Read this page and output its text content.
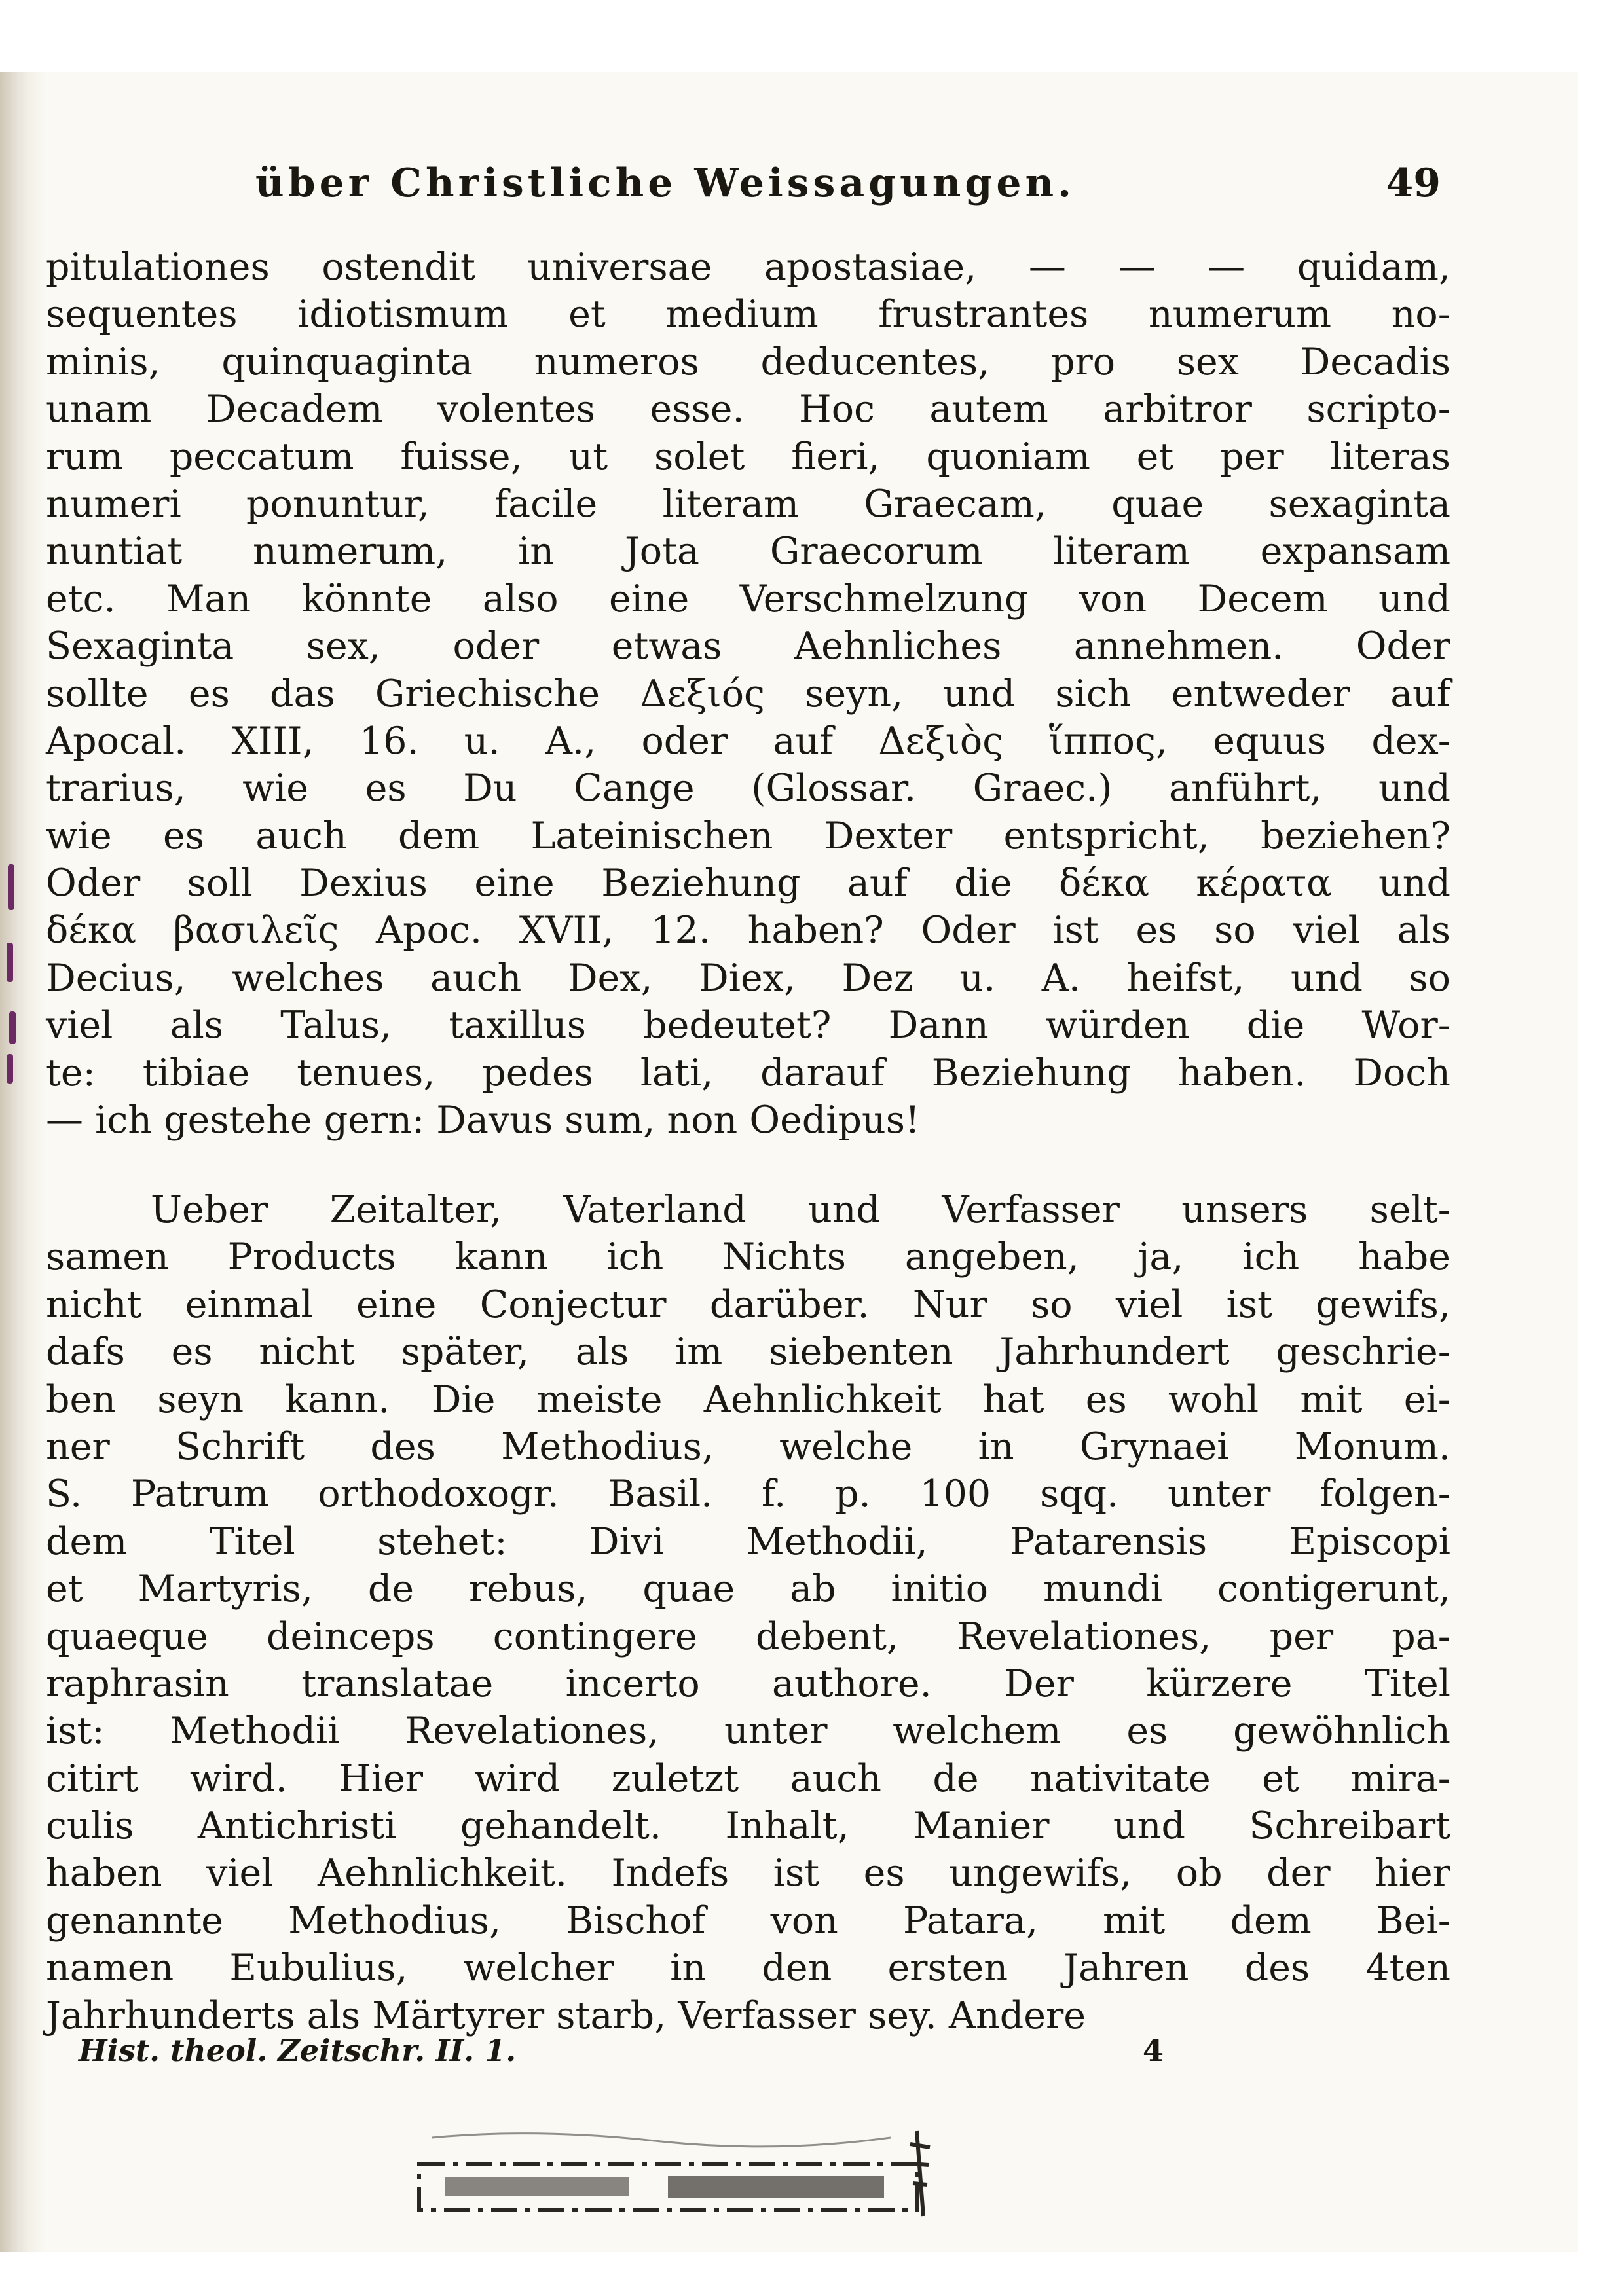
über Christliche Weissagungen.	49
pitulationes ostendit universae apostasiae, — — — quidam,
sequentes idiotismum et medium frustrantes numerum no-
minis, quinquaginta numeros deducentes, pro sex Decadis
unam Decadem volentes esse. Hoc autem arbitror scripto-
rum peccatum fuisse, ut solet fieri, quoniam et per literas
numeri ponuntur, facile literam Graecam, quae sexaginta
nuntiat numerum, in Jota Graecorum literam expansam
etc. Man könnte also eine Verschmelzung von Decem und
Sexaginta sex, oder etwas Aehnliches annehmen. Oder
sollte es das Griechische Δεξιός seyn, und sich entweder auf
Apocal. XIII, 16. u. A., oder auf Δεξιὸς ἵππος, equus dex-
trarius, wie es Du Cange (Glossar. Graec.) anführt, und
wie es auch dem Lateinischen Dexter entspricht, beziehen?
Oder soll Dexius eine Beziehung auf die δέκα κέρατα und
δέκα βασιλεῖς Apoc. XVII, 12. haben? Oder ist es so viel als
Decius, welches auch Dex, Diex, Dez u. A. heifst, und so
viel als Talus, taxillus bedeutet? Dann würden die Wor-
te: tibiae tenues, pedes lati, darauf Beziehung haben. Doch
— ich gestehe gern: Davus sum, non Oedipus!
Ueber Zeitalter, Vaterland und Verfasser unsers selt-
samen Products kann ich Nichts angeben, ja, ich habe
nicht einmal eine Conjectur darüber. Nur so viel ist gewifs,
dafs es nicht später, als im siebenten Jahrhundert geschrie-
ben seyn kann. Die meiste Aehnlichkeit hat es wohl mit ei-
ner Schrift des Methodius, welche in Grynaei Monum.
S. Patrum orthodoxogr. Basil. f. p. 100 sqq. unter folgen-
dem Titel stehet: Divi Methodii, Patarensis Episcopi
et Martyris, de rebus, quae ab initio mundi contigerunt,
quaeque deinceps contingere debent, Revelationes, per pa-
raphrasin translatae incerto authore. Der kürzere Titel
ist: Methodii Revelationes, unter welchem es gewöhnlich
citirt wird. Hier wird zuletzt auch de nativitate et mira-
culis Antichristi gehandelt. Inhalt, Manier und Schreibart
haben viel Aehnlichkeit. Indefs ist es ungewifs, ob der hier
genannte Methodius, Bischof von Patara, mit dem Bei-
namen Eubulius, welcher in den ersten Jahren des 4ten
Jahrhunderts als Märtyrer starb, Verfasser sey. Andere
Hist. theol. Zeitschr. II. 1.	4
